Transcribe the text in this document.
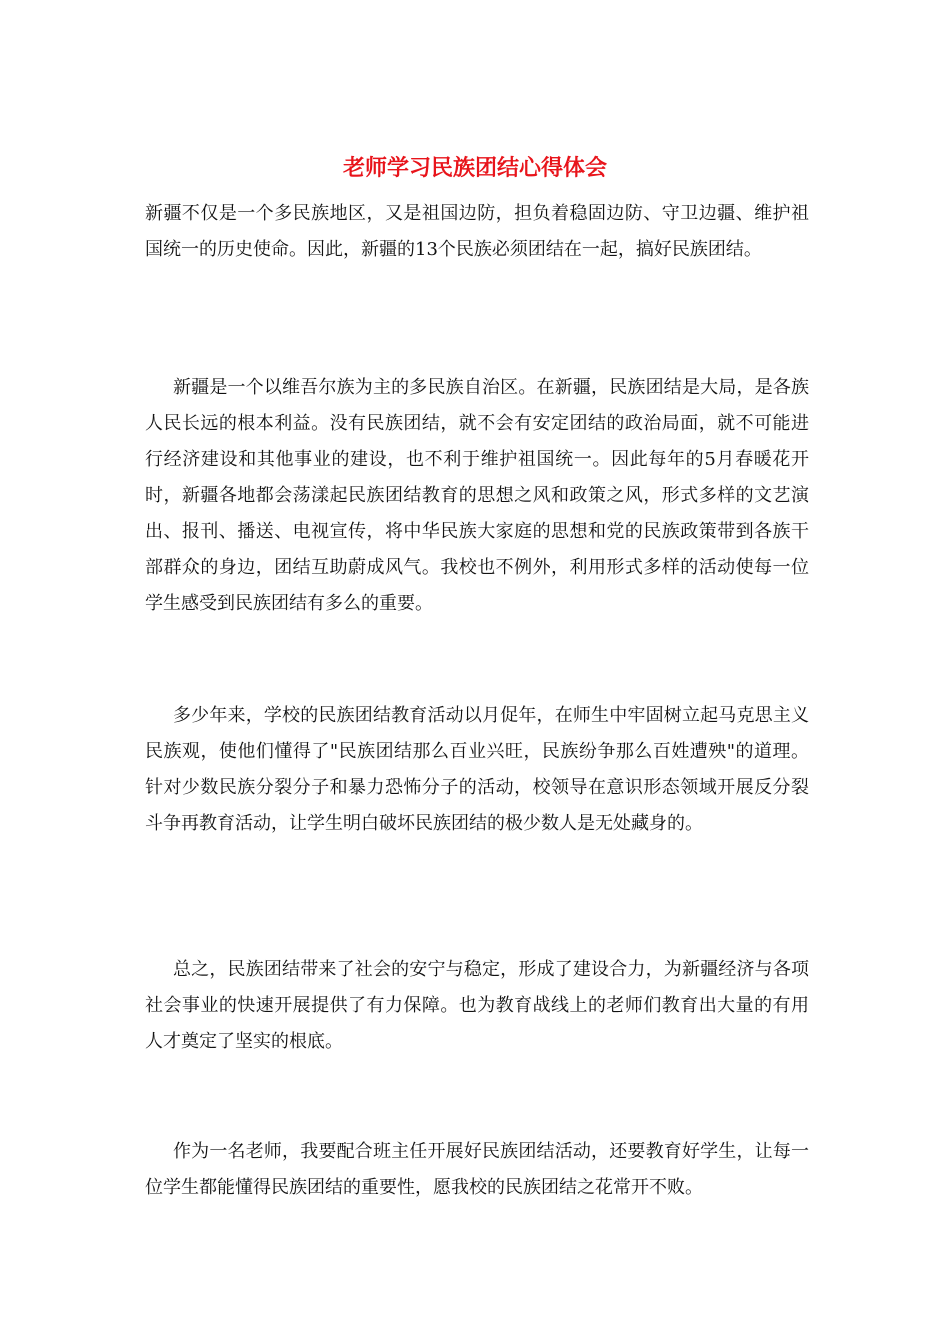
老师学习民族团结心得体会

新疆不仅是一个多民族地区，又是祖国边防，担负着稳固边防、守卫边疆、维护祖国统一的历史使命。因此，新疆的13个民族必须团结在一起，搞好民族团结。

新疆是一个以维吾尔族为主的多民族自治区。在新疆，民族团结是大局，是各族人民长远的根本利益。没有民族团结，就不会有安定团结的政治局面，就不可能进行经济建设和其他事业的建设，也不利于维护祖国统一。因此每年的5月春暖花开时，新疆各地都会荡漾起民族团结教育的思想之风和政策之风，形式多样的文艺演出、报刊、播送、电视宣传，将中华民族大家庭的思想和党的民族政策带到各族干部群众的身边，团结互助蔚成风气。我校也不例外，利用形式多样的活动使每一位学生感受到民族团结有多么的重要。

多少年来，学校的民族团结教育活动以月促年，在师生中牢固树立起马克思主义民族观，使他们懂得了"民族团结那么百业兴旺，民族纷争那么百姓遭殃"的道理。针对少数民族分裂分子和暴力恐怖分子的活动，校领导在意识形态领域开展反分裂斗争再教育活动，让学生明白破坏民族团结的极少数人是无处藏身的。

总之，民族团结带来了社会的安宁与稳定，形成了建设合力，为新疆经济与各项社会事业的快速开展提供了有力保障。也为教育战线上的老师们教育出大量的有用人才奠定了坚实的根底。

作为一名老师，我要配合班主任开展好民族团结活动，还要教育好学生，让每一位学生都能懂得民族团结的重要性，愿我校的民族团结之花常开不败。
